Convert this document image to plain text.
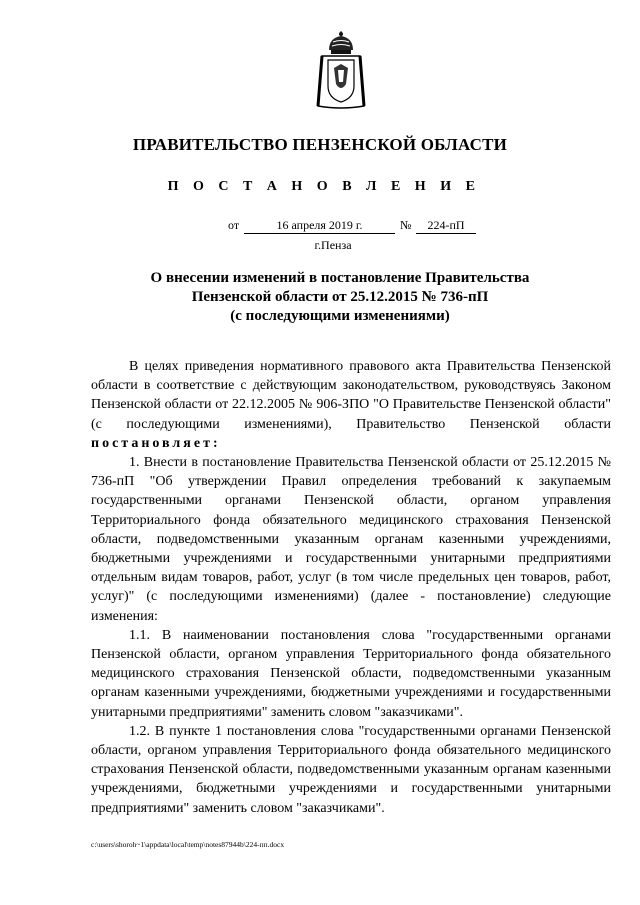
ПРАВИТЕЛЬСТВО ПЕНЗЕНСКОЙ ОБЛАСТИ
П О С Т А Н О В Л Е Н И Е
от	16 апреля 2019 г.	№	224-пП
г.Пенза
О внесении изменений в постановление Правительства
Пензенской области от 25.12.2015 № 736-пП
(с последующими изменениями)

В целях приведения нормативного правового акта Правительства Пензенской области в соответствие с действующим законодательством, руководствуясь Законом Пензенской области от 22.12.2005 № 906-ЗПО "О Правительстве Пензенской области" (с последующими изменениями), Правительство Пензенской области постановляет:

1. Внести в постановление Правительства Пензенской области от 25.12.2015 № 736-пП "Об утверждении Правил определения требований к закупаемым государственными органами Пензенской области, органом управления Территориального фонда обязательного медицинского страхования Пензенской области, подведомственными указанным органам казенными учреждениями, бюджетными учреждениями и государственными унитарными предприятиями отдельным видам товаров, работ, услуг (в том числе предельных цен товаров, работ, услуг)" (с последующими изменениями) (далее - постановление) следующие изменения:

1.1. В наименовании постановления слова "государственными органами Пензенской области, органом управления Территориального фонда обязательного медицинского страхования Пензенской области, подведомственными указанным органам казенными учреждениями, бюджетными учреждениями и государственными унитарными предприятиями" заменить словом "заказчиками".

1.2. В пункте 1 постановления слова "государственными органами Пензенской области, органом управления Территориального фонда обязательного медицинского страхования Пензенской области, подведомственными указанным органам казенными учреждениями, бюджетными учреждениями и государственными унитарными предприятиями" заменить словом "заказчиками".

c:\users\shoroh~1\appdata\local\temp\notes87944b\224-пп.docx
